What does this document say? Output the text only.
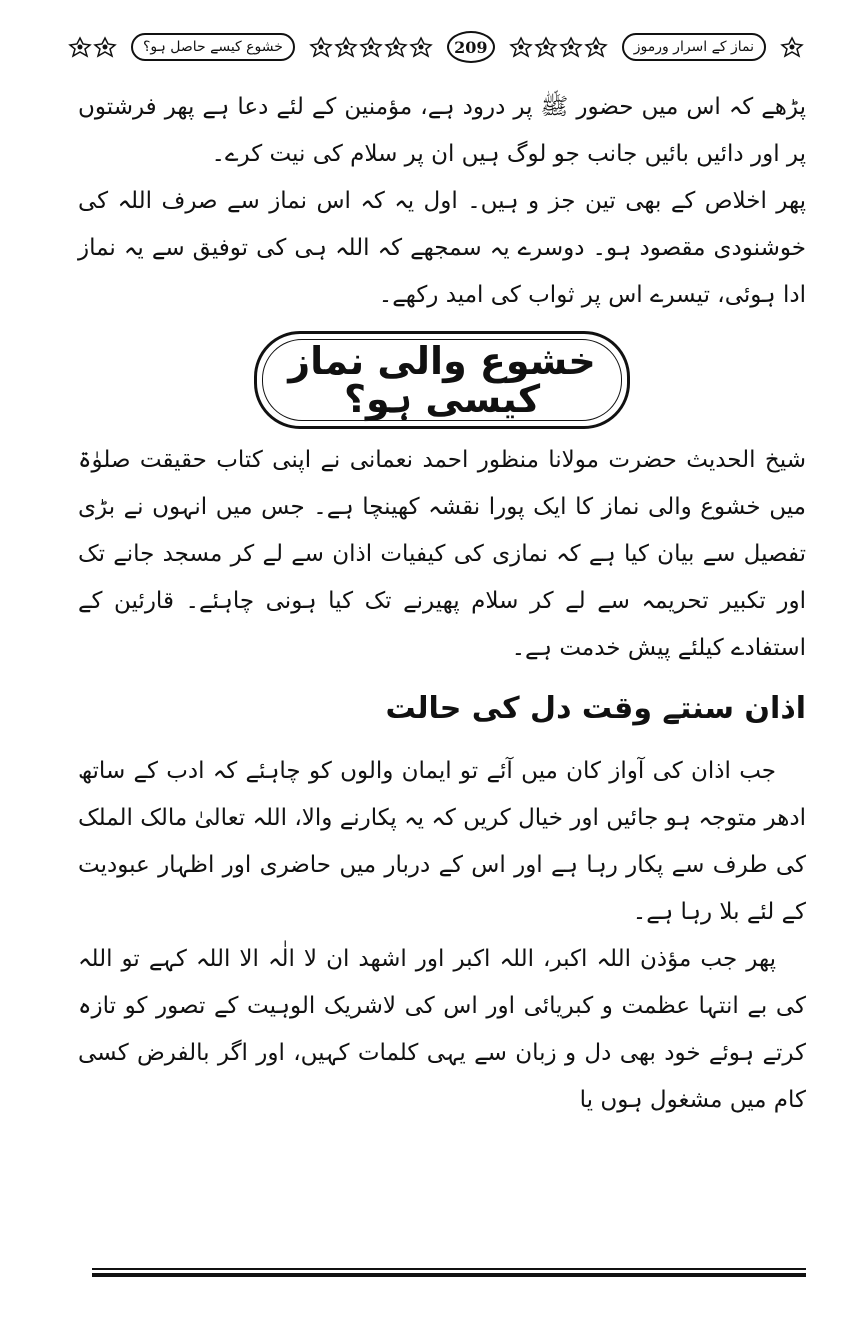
خشوع کیسے حاصل ہو؟	209	نماز کے اسرار ورموز

پڑھے کہ اس میں حضور ﷺ پر درود ہے، مؤمنین کے لئے دعا ہے پھر فرشتوں پر اور دائیں بائیں جانب جو لوگ ہیں ان پر سلام کی نیت کرے۔

پھر اخلاص کے بھی تین جز و ہیں۔ اول یہ کہ اس نماز سے صرف اللہ کی خوشنودی مقصود ہو۔ دوسرے یہ سمجھے کہ اللہ ہی کی توفیق سے یہ نماز ادا ہوئی، تیسرے اس پر ثواب کی امید رکھے۔

خشوع والی نماز کیسی ہو؟

شیخ الحدیث حضرت مولانا منظور احمد نعمانی نے اپنی کتاب حقیقت صلوٰۃ میں خشوع والی نماز کا ایک پورا نقشہ کھینچا ہے۔ جس میں انہوں نے بڑی تفصیل سے بیان کیا ہے کہ نمازی کی کیفیات اذان سے لے کر مسجد جانے تک اور تکبیر تحریمہ سے لے کر سلام پھیرنے تک کیا ہونی چاہئے۔ قارئین کے استفادے کیلئے پیش خدمت ہے۔

اذان سنتے وقت دل کی حالت

جب اذان کی آواز کان میں آئے تو ایمان والوں کو چاہئے کہ ادب کے ساتھ ادھر متوجہ ہو جائیں اور خیال کریں کہ یہ پکارنے والا، اللہ تعالیٰ مالک الملک کی طرف سے پکار رہا ہے اور اس کے دربار میں حاضری اور اظہار عبودیت کے لئے بلا رہا ہے۔

پھر جب مؤذن اللہ اکبر، اللہ اکبر اور اشھد ان لا الٰہ الا اللہ کہے تو اللہ کی بے انتہا عظمت و کبریائی اور اس کی لاشریک الوہیت کے تصور کو تازہ کرتے ہوئے خود بھی دل و زبان سے یہی کلمات کہیں، اور اگر بالفرض کسی کام میں مشغول ہوں یا
